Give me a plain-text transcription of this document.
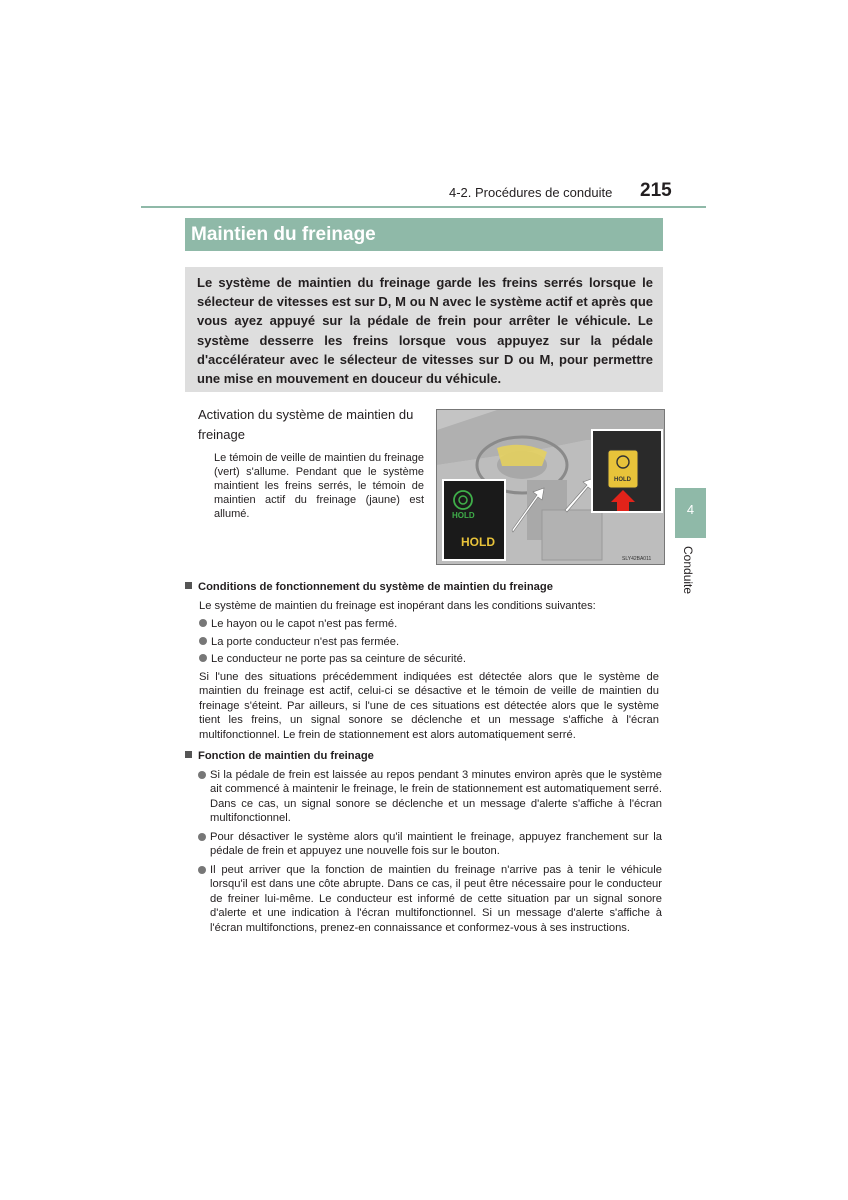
4-2. Procédures de conduite 215
Maintien du freinage
Le système de maintien du freinage garde les freins serrés lorsque le sélecteur de vitesses est sur D, M ou N avec le système actif et après que vous ayez appuyé sur la pédale de frein pour arrêter le véhicule. Le système desserre les freins lorsque vous appuyez sur la pédale d'accélérateur avec le sélecteur de vitesses sur D ou M, pour permettre une mise en mouvement en douceur du véhicule.
4
Conduite
Activation du système de maintien du freinage
Le témoin de veille de maintien du freinage (vert) s'allume. Pendant que le système maintient les freins serrés, le témoin de maintien actif du freinage (jaune) est allumé.	HOLD
HOLD
HOLD
SLY42BA011
Conditions de fonctionnement du système de maintien du freinage
Le système de maintien du freinage est inopérant dans les conditions suivantes:
Le hayon ou le capot n'est pas fermé.
La porte conducteur n'est pas fermée.
Le conducteur ne porte pas sa ceinture de sécurité.
Si l'une des situations précédemment indiquées est détectée alors que le système de maintien du freinage est actif, celui-ci se désactive et le témoin de veille de maintien du freinage s'éteint. Par ailleurs, si l'une de ces situations est détectée alors que le système tient les freins, un signal sonore se déclenche et un message s'affiche à l'écran multifonctionnel. Le frein de stationnement est alors automatiquement serré.
Fonction de maintien du freinage
Si la pédale de frein est laissée au repos pendant 3 minutes environ après que le système ait commencé à maintenir le freinage, le frein de stationnement est automatiquement serré. Dans ce cas, un signal sonore se déclenche et un message d'alerte s'affiche à l'écran multifonctionnel.
Pour désactiver le système alors qu'il maintient le freinage, appuyez franchement sur la pédale de frein et appuyez une nouvelle fois sur le bouton.
Il peut arriver que la fonction de maintien du freinage n'arrive pas à tenir le véhicule lorsqu'il est dans une côte abrupte. Dans ce cas, il peut être nécessaire pour le conducteur de freiner lui-même. Le conducteur est informé de cette situation par un signal sonore d'alerte et une indication à l'écran multifonctionnel. Si un message d'alerte s'affiche à l'écran multifonctions, prenez-en connaissance et conformez-vous à ses instructions.
